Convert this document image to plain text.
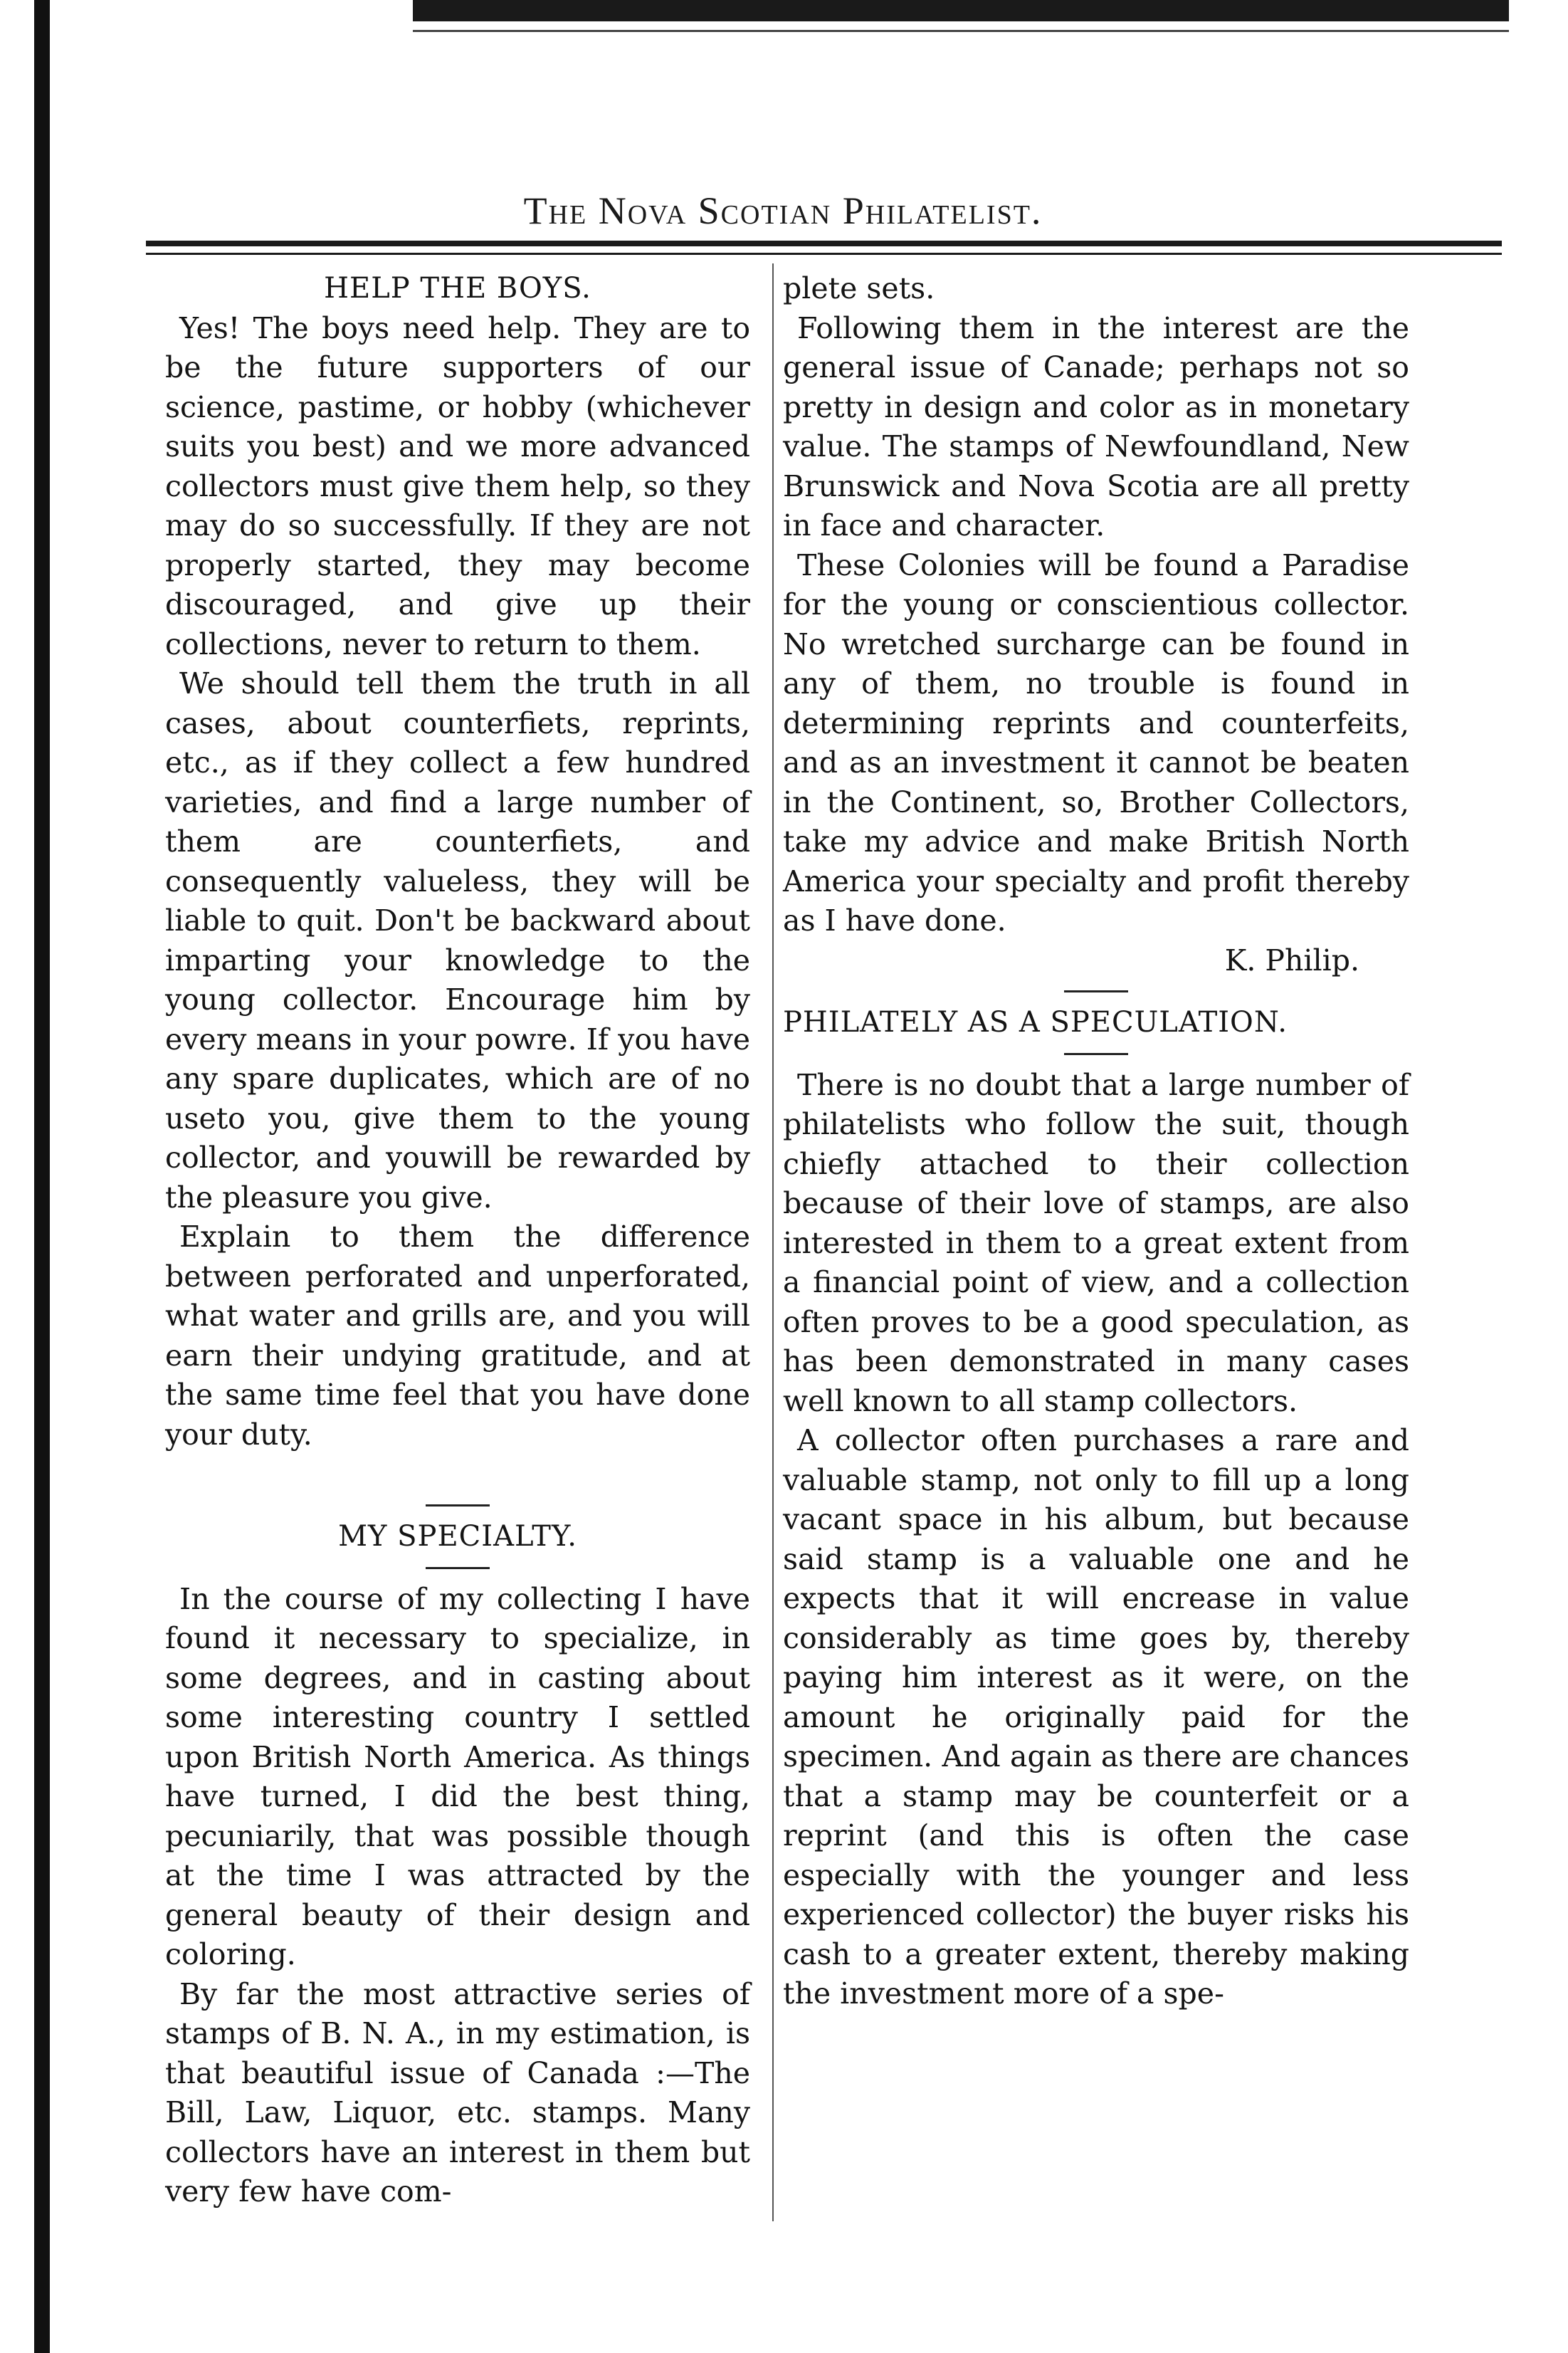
The Nova Scotian Philatelist.
HELP THE BOYS.

Yes! The boys need help. They are to be the future supporters of our science, pastime, or hobby (whichever suits you best) and we more advanced collectors must give them help, so they may do so successfully. If they are not properly started, they may become discouraged, and give up their collections, never to return to them.

We should tell them the truth in all cases, about counterfiets, reprints, etc., as if they collect a few hundred varieties, and find a large number of them are counterfiets, and consequently valueless, they will be liable to quit. Don't be backward about imparting your knowledge to the young collector. Encourage him by every means in your powre. If you have any spare duplicates, which are of no useto you, give them to the young collector, and youwill be rewarded by the pleasure you give.

Explain to them the difference between perforated and unperforated, what water and grills are, and you will earn their undying gratitude, and at the same time feel that you have done your duty.

MY SPECIALTY.

In the course of my collecting I have found it necessary to specialize, in some degrees, and in casting about some interesting country I settled upon British North America. As things have turned, I did the best thing, pecuniarily, that was possible though at the time I was attracted by the general beauty of their design and coloring.

By far the most attractive series of stamps of B. N. A., in my estimation, is that beautiful issue of Canada :—The Bill, Law, Liquor, etc. stamps. Many collectors have an interest in them but very few have com-

plete sets.

Following them in the interest are the general issue of Canade; perhaps not so pretty in design and color as in monetary value. The stamps of Newfoundland, New Brunswick and Nova Scotia are all pretty in face and character.

These Colonies will be found a Paradise for the young or conscientious collector. No wretched surcharge can be found in any of them, no trouble is found in determining reprints and counterfeits, and as an investment it cannot be beaten in the Continent, so, Brother Collectors, take my advice and make British North America your specialty and profit thereby as I have done.

K. Philip.
PHILATELY AS A SPECULATION.

There is no doubt that a large number of philatelists who follow the suit, though chiefly attached to their collection because of their love of stamps, are also interested in them to a great extent from a financial point of view, and a collection often proves to be a good speculation, as has been demonstrated in many cases well known to all stamp collectors.

A collector often purchases a rare and valuable stamp, not only to fill up a long vacant space in his album, but because said stamp is a valuable one and he expects that it will encrease in value considerably as time goes by, thereby paying him interest as it were, on the amount he originally paid for the specimen. And again as there are chances that a stamp may be counterfeit or a reprint (and this is often the case especially with the younger and less experienced collector) the buyer risks his cash to a greater extent, thereby making the investment more of a spe-
